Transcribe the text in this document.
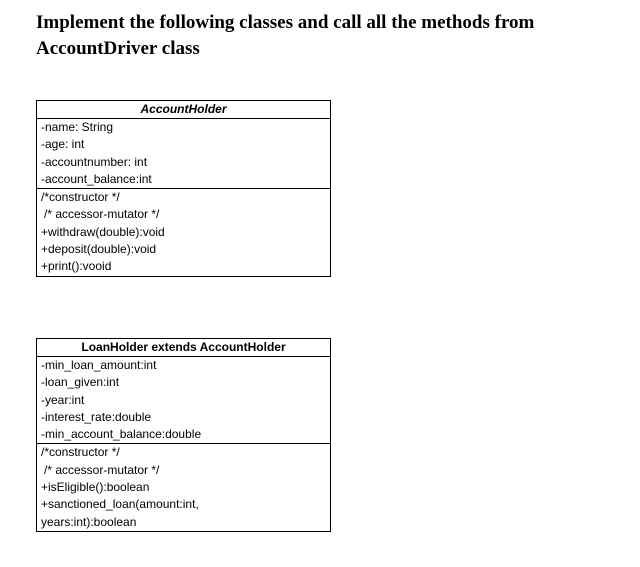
Implement the following classes and call all the methods from AccountDriver class
AccountHolder
-name: String
-age: int
-accountnumber: int
-account_balance:int
/*constructor */
/* accessor-mutator */
+withdraw(double):void
+deposit(double):void
+print():vooid
LoanHolder extends AccountHolder
-min_loan_amount:int
-loan_given:int
-year:int
-interest_rate:double
-min_account_balance:double
/*constructor */
/* accessor-mutator */
+isEligible():boolean
+sanctioned_loan(amount:int, years:int):boolean
